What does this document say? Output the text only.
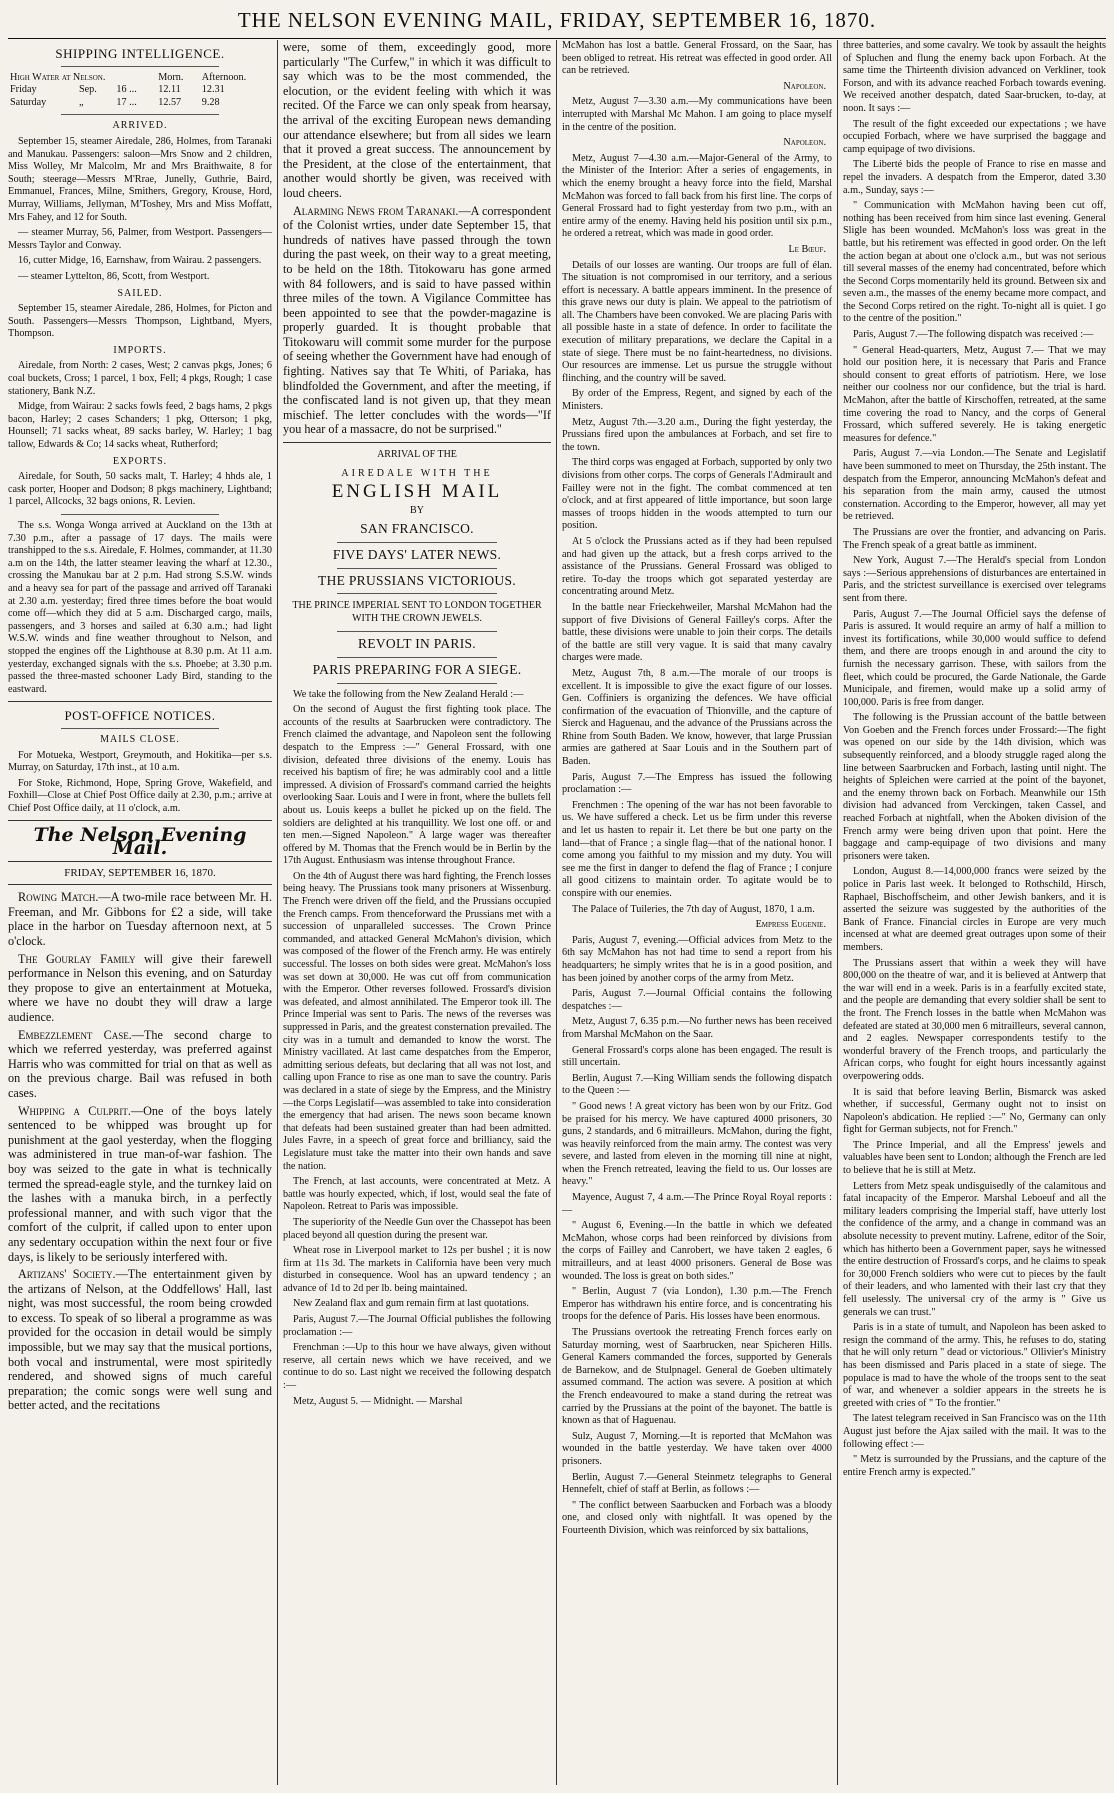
THE NELSON EVENING MAIL, FRIDAY, SEPTEMBER 16, 1870.
SHIPPING INTELLIGENCE.
High Water at Nelson.			Morn.	Afternoon.
Friday	Sep.	16 ...	12.11	12.31
Saturday	„	17 ...	12.57	9.28
ARRIVED.

September 15, steamer Airedale, 286, Holmes, from Taranaki and Manukau. Passengers: saloon—Mrs Snow and 2 children, Miss Wolley, Mr Malcolm, Mr and Mrs Braithwaite, 8 for South; steerage—Messrs M'Rrae, Junelly, Guthrie, Baird, Emmanuel, Frances, Milne, Smithers, Gregory, Krouse, Hord, Murray, Williams, Jellyman, M'Toshey, Mrs and Miss Moffatt, Mrs Fahey, and 12 for South.

— steamer Murray, 56, Palmer, from Westport. Passengers—Messrs Taylor and Conway.

16, cutter Midge, 16, Earnshaw, from Wairau. 2 passengers.

— steamer Lyttelton, 86, Scott, from Westport.

SAILED.

September 15, steamer Airedale, 286, Holmes, for Picton and South. Passengers—Messrs Thompson, Lightband, Myers, Thompson.

IMPORTS.

Airedale, from North: 2 cases, West; 2 canvas pkgs, Jones; 6 coal buckets, Cross; 1 parcel, 1 box, Fell; 4 pkgs, Rough; 1 case stationery, Bank N.Z.

Midge, from Wairau: 2 sacks fowls feed, 2 bags hams, 2 pkgs bacon, Harley; 2 cases Schanders; 1 pkg, Otterson; 1 pkg, Hounsell; 71 sacks wheat, 89 sacks barley, W. Harley; 1 bag tallow, Edwards & Co; 14 sacks wheat, Rutherford;

EXPORTS.

Airedale, for South, 50 sacks malt, T. Harley; 4 hhds ale, 1 cask porter, Hooper and Dodson; 8 pkgs machinery, Lightband; 1 parcel, Allcocks, 32 bags onions, R. Levien.

The s.s. Wonga Wonga arrived at Auckland on the 13th at 7.30 p.m., after a passage of 17 days. The mails were transhipped to the s.s. Airedale, F. Holmes, commander, at 11.30 a.m on the 14th, the latter steamer leaving the wharf at 12.30., crossing the Manukau bar at 2 p.m. Had strong S.S.W. winds and a heavy sea for part of the passage and arrived off Taranaki at 2.30 a.m. yesterday; fired three times before the boat would come off—which they did at 5 a.m. Discharged cargo, mails, passengers, and 3 horses and sailed at 6.30 a.m.; had light W.S.W. winds and fine weather throughout to Nelson, and stopped the engines off the Lighthouse at 8.30 p.m. At 11 a.m. yesterday, exchanged signals with the s.s. Phoebe; at 3.30 p.m. passed the three-masted schooner Lady Bird, standing to the eastward.

POST-OFFICE NOTICES.
MAILS CLOSE.

For Motueka, Westport, Greymouth, and Hokitika—per s.s. Murray, on Saturday, 17th inst., at 10 a.m.

For Stoke, Richmond, Hope, Spring Grove, Wakefield, and Foxhill—Close at Chief Post Office daily at 2.30, p.m.; arrive at Chief Post Office daily, at 11 o'clock, a.m.

The Nelson Evening Mail.
FRIDAY, SEPTEMBER 16, 1870.

Rowing Match.—A two-mile race between Mr. H. Freeman, and Mr. Gibbons for £2 a side, will take place in the harbor on Tuesday afternoon next, at 5 o'clock.

The Gourlay Family will give their farewell performance in Nelson this evening, and on Saturday they propose to give an entertainment at Motueka, where we have no doubt they will draw a large audience.

Embezzlement Case.—The second charge to which we referred yesterday, was preferred against Harris who was committed for trial on that as well as on the previous charge. Bail was refused in both cases.

Whipping a Culprit.—One of the boys lately sentenced to be whipped was brought up for punishment at the gaol yesterday, when the flogging was administered in true man-of-war fashion. The boy was seized to the gate in what is technically termed the spread-eagle style, and the turnkey laid on the lashes with a manuka birch, in a perfectly professional manner, and with such vigor that the comfort of the culprit, if called upon to enter upon any sedentary occupation within the next four or five days, is likely to be seriously interfered with.

Artizans' Society.—The entertainment given by the artizans of Nelson, at the Oddfellows' Hall, last night, was most successful, the room being crowded to excess. To speak of so liberal a programme as was provided for the occasion in detail would be simply impossible, but we may say that the musical portions, both vocal and instrumental, were most spiritedly rendered, and showed signs of much careful preparation; the comic songs were well sung and better acted, and the recitations

were, some of them, exceedingly good, more particularly "The Curfew," in which it was difficult to say which was to be the most commended, the elocution, or the evident feeling with which it was recited. Of the Farce we can only speak from hearsay, the arrival of the exciting European news demanding our attendance elsewhere; but from all sides we learn that it proved a great success. The announcement by the President, at the close of the entertainment, that another would shortly be given, was received with loud cheers.

Alarming News from Taranaki.—A correspondent of the Colonist wrties, under date September 15, that hundreds of natives have passed through the town during the past week, on their way to a great meeting, to be held on the 18th. Titokowaru has gone armed with 84 followers, and is said to have passed within three miles of the town. A Vigilance Committee has been appointed to see that the powder-magazine is properly guarded. It is thought probable that Titokowaru will commit some murder for the purpose of seeing whether the Government have had enough of fighting. Natives say that Te Whiti, of Pariaka, has blindfolded the Government, and after the meeting, if the confiscated land is not given up, that they mean mischief. The letter concludes with the words—"If you hear of a massacre, do not be surprised."

ARRIVAL OF THE
AIREDALE WITH THE
ENGLISH MAIL
BY
SAN FRANCISCO.
FIVE DAYS' LATER NEWS.
THE PRUSSIANS VICTORIOUS.
THE PRINCE IMPERIAL SENT TO LONDON TOGETHER WITH THE CROWN JEWELS.
REVOLT IN PARIS.
PARIS PREPARING FOR A SIEGE.

We take the following from the New Zealand Herald :—

On the second of August the first fighting took place. The accounts of the results at Saarbrucken were contradictory. The French claimed the advantage, and Napoleon sent the following despatch to the Empress :—" General Frossard, with one division, defeated three divisions of the enemy. Louis has received his baptism of fire; he was admirably cool and a little impressed. A division of Frossard's command carried the heights overlooking Saar. Louis and I were in front, where the bullets fell about us. Louis keeps a bullet he picked up on the field. The soldiers are delighted at his tranquillity. We lost one off. or and ten men.—Signed Napoleon." A large wager was thereafter offered by M. Thomas that the French would be in Berlin by the 17th August. Enthusiasm was intense throughout France.

On the 4th of August there was hard fighting, the French losses being heavy. The Prussians took many prisoners at Wissenburg. The French were driven off the field, and the Prussians occupied the French camps. From thenceforward the Prussians met with a succession of unparalleled successes. The Crown Prince commanded, and attacked General McMahon's division, which was composed of the flower of the French army. He was entirely successful. The losses on both sides were great. McMahon's loss was set down at 30,000. He was cut off from communication with the Emperor. Other reverses followed. Frossard's division was defeated, and almost annihilated. The Emperor took ill. The Prince Imperial was sent to Paris. The news of the reverses was suppressed in Paris, and the greatest consternation prevailed. The city was in a tumult and demanded to know the worst. The Ministry vacillated. At last came despatches from the Emperor, admitting serious defeats, but declaring that all was not lost, and calling upon France to rise as one man to save the country. Paris was declared in a state of siege by the Empress, and the Ministry—the Corps Legislatif—was assembled to take into consideration the emergency that had arisen. The news soon became known that defeats had been sustained greater than had been admitted. Jules Favre, in a speech of great force and brilliancy, said the Legislature must take the matter into their own hands and save the nation.

The French, at last accounts, were concentrated at Metz. A battle was hourly expected, which, if lost, would seal the fate of Napoleon. Retreat to Paris was impossible.

The superiority of the Needle Gun over the Chassepot has been placed beyond all question during the present war.

Wheat rose in Liverpool market to 12s per bushel ; it is now firm at 11s 3d. The markets in California have been very much disturbed in consequence. Wool has an upward tendency ; an advance of 1d to 2d per lb. being maintained.

New Zealand flax and gum remain firm at last quotations.

Paris, August 7.—The Journal Official publishes the following proclamation :—

Frenchman :—Up to this hour we have always, given without reserve, all certain news which we have received, and we continue to do so. Last night we received the following despatch :—

Metz, August 5. — Midnight. — Marshal

McMahon has lost a battle. General Frossard, on the Saar, has been obliged to retreat. His retreat was effected in good order. All can be retrieved.

Napoleon.

Metz, August 7—3.30 a.m.—My communications have been interrupted with Marshal Mc Mahon. I am going to place myself in the centre of the position.

Napoleon.

Metz, August 7—4.30 a.m.—Major-General of the Army, to the Minister of the Interior: After a series of engagements, in which the enemy brought a heavy force into the field, Marshal McMahon was forced to fall back from his first line. The corps of General Frossard had to fight yesterday from two p.m., with an entire army of the enemy. Having held his position until six p.m., he ordered a retreat, which was made in good order.

Le Bœuf.

Details of our losses are wanting. Our troops are full of élan. The situation is not compromised in our territory, and a serious effort is necessary. A battle appears imminent. In the presence of this grave news our duty is plain. We appeal to the patriotism of all. The Chambers have been convoked. We are placing Paris with all possible haste in a state of defence. In order to facilitate the execution of military preparations, we declare the Capital in a state of siege. There must be no faint-heartedness, no divisions. Our resources are immense. Let us pursue the struggle without flinching, and the country will be saved.

By order of the Empress, Regent, and signed by each of the Ministers.

Metz, August 7th.—3.20 a.m., During the fight yesterday, the Prussians fired upon the ambulances at Forbach, and set fire to the town.

The third corps was engaged at Forbach, supported by only two divisions from other corps. The corps of Generals l'Admirault and Failley were not in the fight. The combat commenced at ten o'clock, and at first appeared of little importance, but soon large masses of troops hidden in the woods attempted to turn our position.

At 5 o'clock the Prussians acted as if they had been repulsed and had given up the attack, but a fresh corps arrived to the assistance of the Prussians. General Frossard was obliged to retire. To-day the troops which got separated yesterday are concentrating around Metz.

In the battle near Frieckehweiler, Marshal McMahon had the support of five Divisions of General Failley's corps. After the battle, these divisions were unable to join their corps. The details of the battle are still very vague. It is said that many cavalry charges were made.

Metz, August 7th, 8 a.m.—The morale of our troops is excellent. It is impossible to give the exact figure of our losses. Gen. Coffiniers is organizing the defences. We have official confirmation of the evacuation of Thionville, and the capture of Sierck and Haguenau, and the advance of the Prussians across the Rhine from South Baden. We know, however, that large Prussian armies are gathered at Saar Louis and in the Southern part of Baden.

Paris, August 7.—The Empress has issued the following proclamation :—

Frenchmen : The opening of the war has not been favorable to us. We have suffered a check. Let us be firm under this reverse and let us hasten to repair it. Let there be but one party on the land—that of France ; a single flag—that of the national honor. I come among you faithful to my mission and my duty. You will see me the first in danger to defend the flag of France ; I conjure all good citizens to maintain order. To agitate would be to conspire with our enemies.

The Palace of Tuileries, the 7th day of August, 1870, 1 a.m.

Empress Eugenie.

Paris, August 7, evening.—Official advices from Metz to the 6th say McMahon has not had time to send a report from his headquarters; he simply writes that he is in a good position, and has been joined by another corps of the army from Metz.

Paris, August 7.—Journal Official contains the following despatches :—

Metz, August 7, 6.35 p.m.—No further news has been received from Marshal McMahon on the Saar.

General Frossard's corps alone has been engaged. The result is still uncertain.

Berlin, August 7.—King William sends the following dispatch to the Queen :—

" Good news ! A great victory has been won by our Fritz. God be praised for his mercy. We have captured 4000 prisoners, 30 guns, 2 standards, and 6 mitrailleurs. McMahon, during the fight, was heavily reinforced from the main army. The contest was very severe, and lasted from eleven in the morning till nine at night, when the French retreated, leaving the field to us. Our losses are heavy."

Mayence, August 7, 4 a.m.—The Prince Royal Royal reports :—

" August 6, Evening.—In the battle in which we defeated McMahon, whose corps had been reinforced by divisions from the corps of Failley and Canrobert, we have taken 2 eagles, 6 mitrailleurs, and at least 4000 prisoners. General de Bose was wounded. The loss is great on both sides."

" Berlin, August 7 (via London), 1.30 p.m.—The French Emperor has withdrawn his entire force, and is concentrating his troops for the defence of Paris. His losses have been enormous.

The Prussians overtook the retreating French forces early on Saturday morning, west of Saarbrucken, near Spicheren Hills. General Kamers commanded the forces, supported by Generals de Barnekow, and de Stulpnagel. General de Goeben ultimately assumed command. The action was severe. A position at which the French endeavoured to make a stand during the retreat was carried by the Prussians at the point of the bayonet. The battle is known as that of Haguenau.

Sulz, August 7, Morning.—It is reported that McMahon was wounded in the battle yesterday. We have taken over 4000 prisoners.

Berlin, August 7.—General Steinmetz telegraphs to General Hennefelt, chief of staff at Berlin, as follows :—

" The conflict between Saarbucken and Forbach was a bloody one, and closed only with nightfall. It was opened by the Fourteenth Division, which was reinforced by six battalions,

three batteries, and some cavalry. We took by assault the heights of Spluchen and flung the enemy back upon Forbach. At the same time the Thirteenth division advanced on Verkliner, took Forson, and with its advance reached Forbach towards evening. We received another despatch, dated Saar-brucken, to-day, at noon. It says :—

The result of the fight exceeded our expectations ; we have occupied Forbach, where we have surprised the baggage and camp equipage of two divisions.

The Liberté bids the people of France to rise en masse and repel the invaders. A despatch from the Emperor, dated 3.30 a.m., Sunday, says :—

" Communication with McMahon having been cut off, nothing has been received from him since last evening. General Sligle has been wounded. McMahon's loss was great in the battle, but his retirement was effected in good order. On the left the action began at about one o'clock a.m., but was not serious till several masses of the enemy had concentrated, before which the Second Corps momentarily held its ground. Between six and seven a.m., the masses of the enemy became more compact, and the Second Corps retired on the right. To-night all is quiet. I go to the centre of the position."

Paris, August 7.—The following dispatch was received :—

" General Head-quarters, Metz, August 7.— That we may hold our position here, it is necessary that Paris and France should consent to great efforts of patriotism. Here, we lose neither our coolness nor our confidence, but the trial is hard. McMahon, after the battle of Kirschoffen, retreated, at the same time covering the road to Nancy, and the corps of General Frossard, which suffered severely. He is taking energetic measures for defence."

Paris, August 7.—via London.—The Senate and Legislatif have been summoned to meet on Thursday, the 25th instant. The despatch from the Emperor, announcing McMahon's defeat and his separation from the main army, caused the utmost consternation. According to the Emperor, however, all may yet be retrieved.

The Prussians are over the frontier, and advancing on Paris. The French speak of a great battle as imminent.

New York, August 7.—The Herald's special from London says :—Serious apprehensions of disturbances are entertained in Paris, and the strictest surveillance is exercised over telegrams sent from there.

Paris, August 7.—The Journal Officiel says the defense of Paris is assured. It would require an army of half a million to invest its fortifications, while 30,000 would suffice to defend them, and there are troops enough in and around the city to furnish the necessary garrison. These, with sailors from the fleet, which could be procured, the Garde Nationale, the Garde Municipale, and firemen, would make up a solid army of 100,000. Paris is free from danger.

The following is the Prussian account of the battle between Von Goeben and the French forces under Frossard:—The fight was opened on our side by the 14th division, which was subsequently reinforced, and a bloody struggle raged along the line between Saarbrucken and Forbach, lasting until night. The heights of Spleichen were carried at the point of the bayonet, and the enemy thrown back on Forbach. Meanwhile our 15th division had advanced from Verckingen, taken Cassel, and reached Forbach at nightfall, when the Aboken division of the French army were being driven upon that point. Here the baggage and camp-equipage of two divisions and many prisoners were taken.

London, August 8.—14,000,000 francs were seized by the police in Paris last week. It belonged to Rothschild, Hirsch, Raphael, Bischoffscheim, and other Jewish bankers, and it is asserted the seizure was suggested by the authorities of the Bank of France. Financial circles in Europe are very much incensed at what are deemed great outrages upon some of their members.

The Prussians assert that within a week they will have 800,000 on the theatre of war, and it is believed at Antwerp that the war will end in a week. Paris is in a fearfully excited state, and the people are demanding that every soldier shall be sent to the front. The French losses in the battle when McMahon was defeated are stated at 30,000 men 6 mitrailleurs, several cannon, and 2 eagles. Newspaper correspondents testify to the wonderful bravery of the French troops, and particularly the African corps, who fought for eight hours incessantly against overpowering odds.

It is said that before leaving Berlin, Bismarck was asked whether, if successful, Germany ought not to insist on Napoleon's abdication. He replied :—" No, Germany can only fight for German subjects, not for French."

The Prince Imperial, and all the Empress' jewels and valuables have been sent to London; although the French are led to believe that he is still at Metz.

Letters from Metz speak undisguisedly of the calamitous and fatal incapacity of the Emperor. Marshal Leboeuf and all the military leaders comprising the Imperial staff, have utterly lost the confidence of the army, and a change in command was an absolute necessity to prevent mutiny. Lafrene, editor of the Soir, which has hitherto been a Government paper, says he witnessed the entire destruction of Frossard's corps, and he claims to speak for 30,000 French soldiers who were cut to pieces by the fault of their leaders, and who lamented with their last cry that they fell uselessly. The universal cry of the army is " Give us generals we can trust."

Paris is in a state of tumult, and Napoleon has been asked to resign the command of the army. This, he refuses to do, stating that he will only return " dead or victorious." Ollivier's Ministry has been dismissed and Paris placed in a state of siege. The populace is mad to have the whole of the troops sent to the seat of war, and whenever a soldier appears in the streets he is greeted with cries of " To the frontier."

The latest telegram received in San Francisco was on the 11th August just before the Ajax sailed with the mail. It was to the following effect :—

" Metz is surrounded by the Prussians, and the capture of the entire French army is expected."
